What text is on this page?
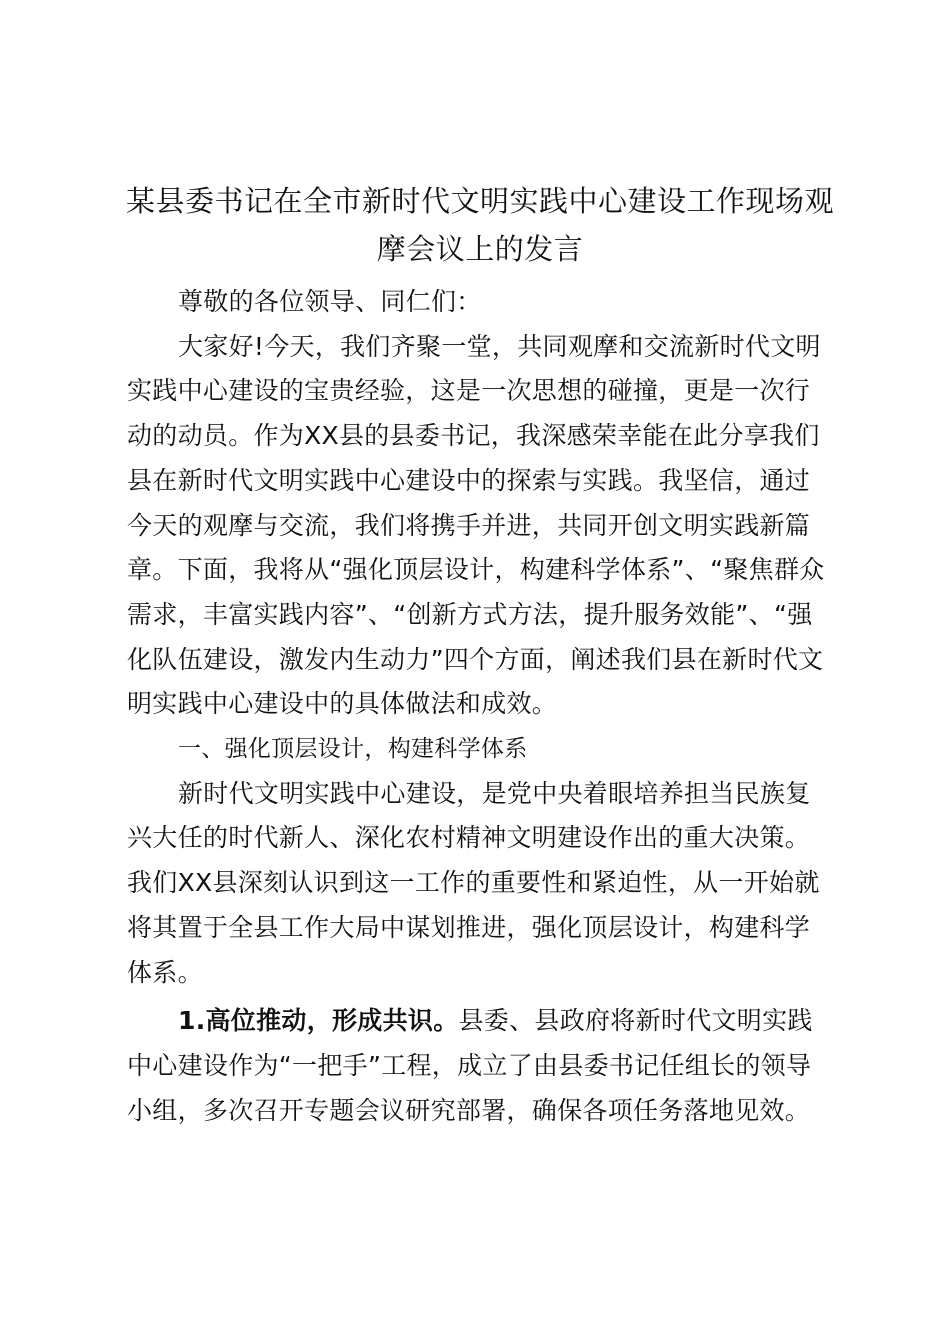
某县委书记在全市新时代文明实践中心建设工作现场观摩会议上的发言

尊敬的各位领导、同仁们：

大家好!今天，我们齐聚一堂，共同观摩和交流新时代文明实践中心建设的宝贵经验，这是一次思想的碰撞，更是一次行动的动员。作为XX县的县委书记，我深感荣幸能在此分享我们县在新时代文明实践中心建设中的探索与实践。我坚信，通过今天的观摩与交流，我们将携手并进，共同开创文明实践新篇章。下面，我将从“强化顶层设计，构建科学体系”、“聚焦群众需求，丰富实践内容”、“创新方式方法，提升服务效能”、“强化队伍建设，激发内生动力”四个方面，阐述我们县在新时代文明实践中心建设中的具体做法和成效。

一、强化顶层设计，构建科学体系

新时代文明实践中心建设，是党中央着眼培养担当民族复兴大任的时代新人、深化农村精神文明建设作出的重大决策。我们XX县深刻认识到这一工作的重要性和紧迫性，从一开始就将其置于全县工作大局中谋划推进，强化顶层设计，构建科学体系。

1.高位推动，形成共识。县委、县政府将新时代文明实践中心建设作为“一把手”工程，成立了由县委书记任组长的领导小组，多次召开专题会议研究部署，确保各项任务落地见效。
